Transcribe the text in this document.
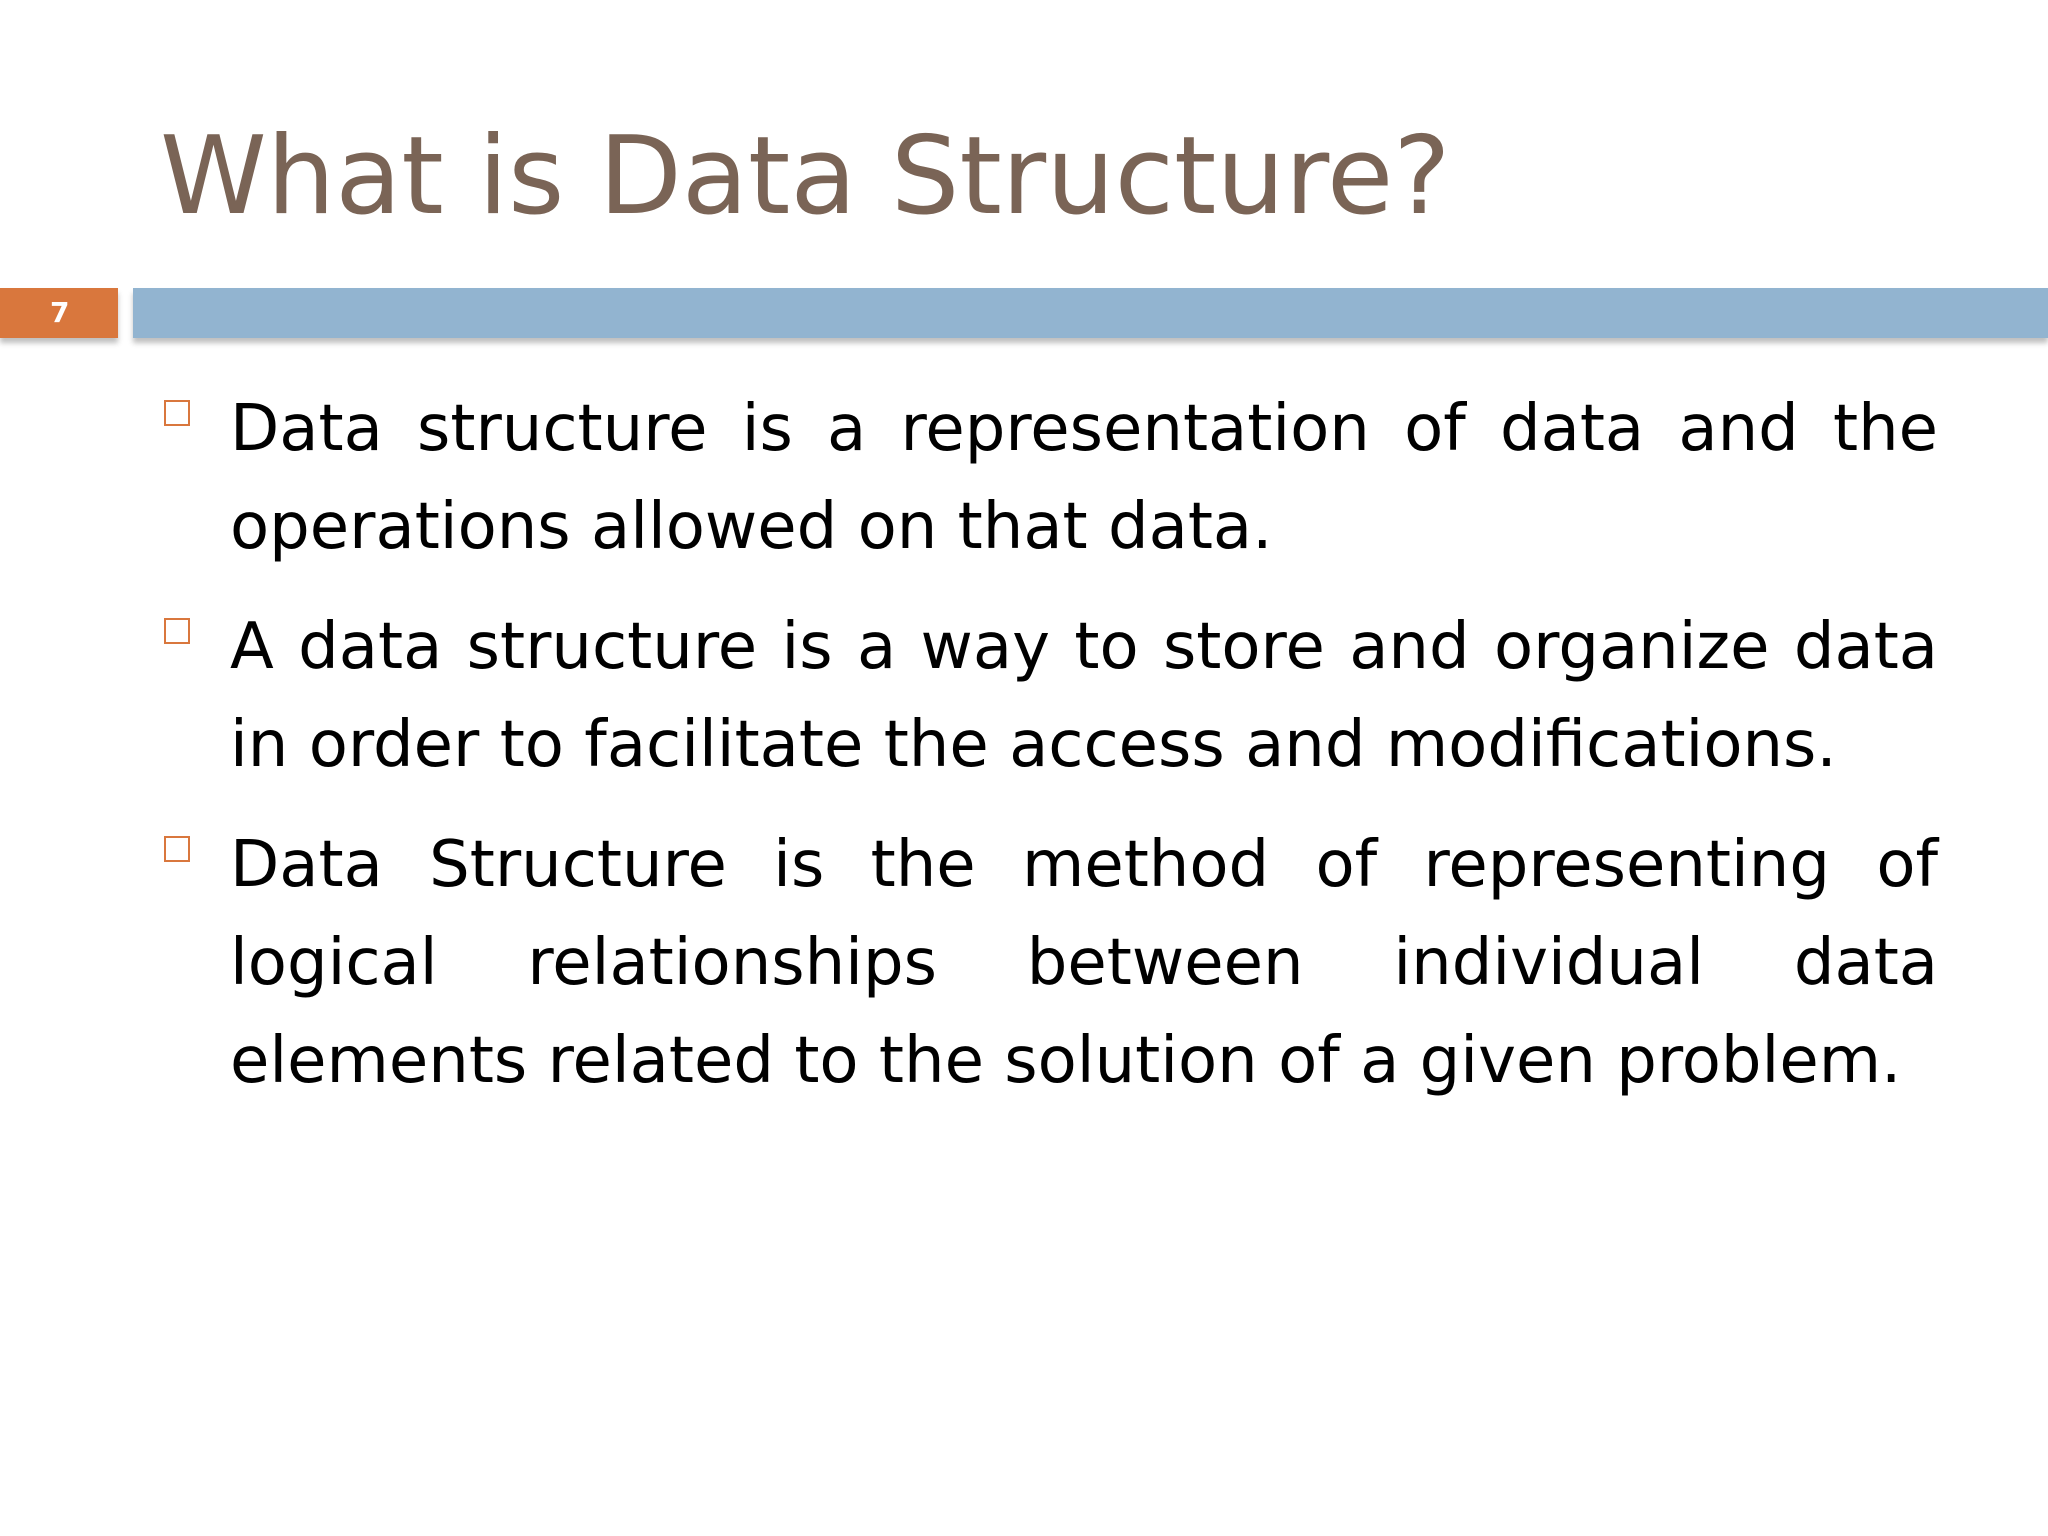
What is Data Structure?
7
Data structure is a representation of data and the operations allowed on that data.
A data structure is a way to store and organize data in order to facilitate the access and modifications.
Data Structure is the method of representing of logical relationships between individual data elements related to the solution of a given problem.
